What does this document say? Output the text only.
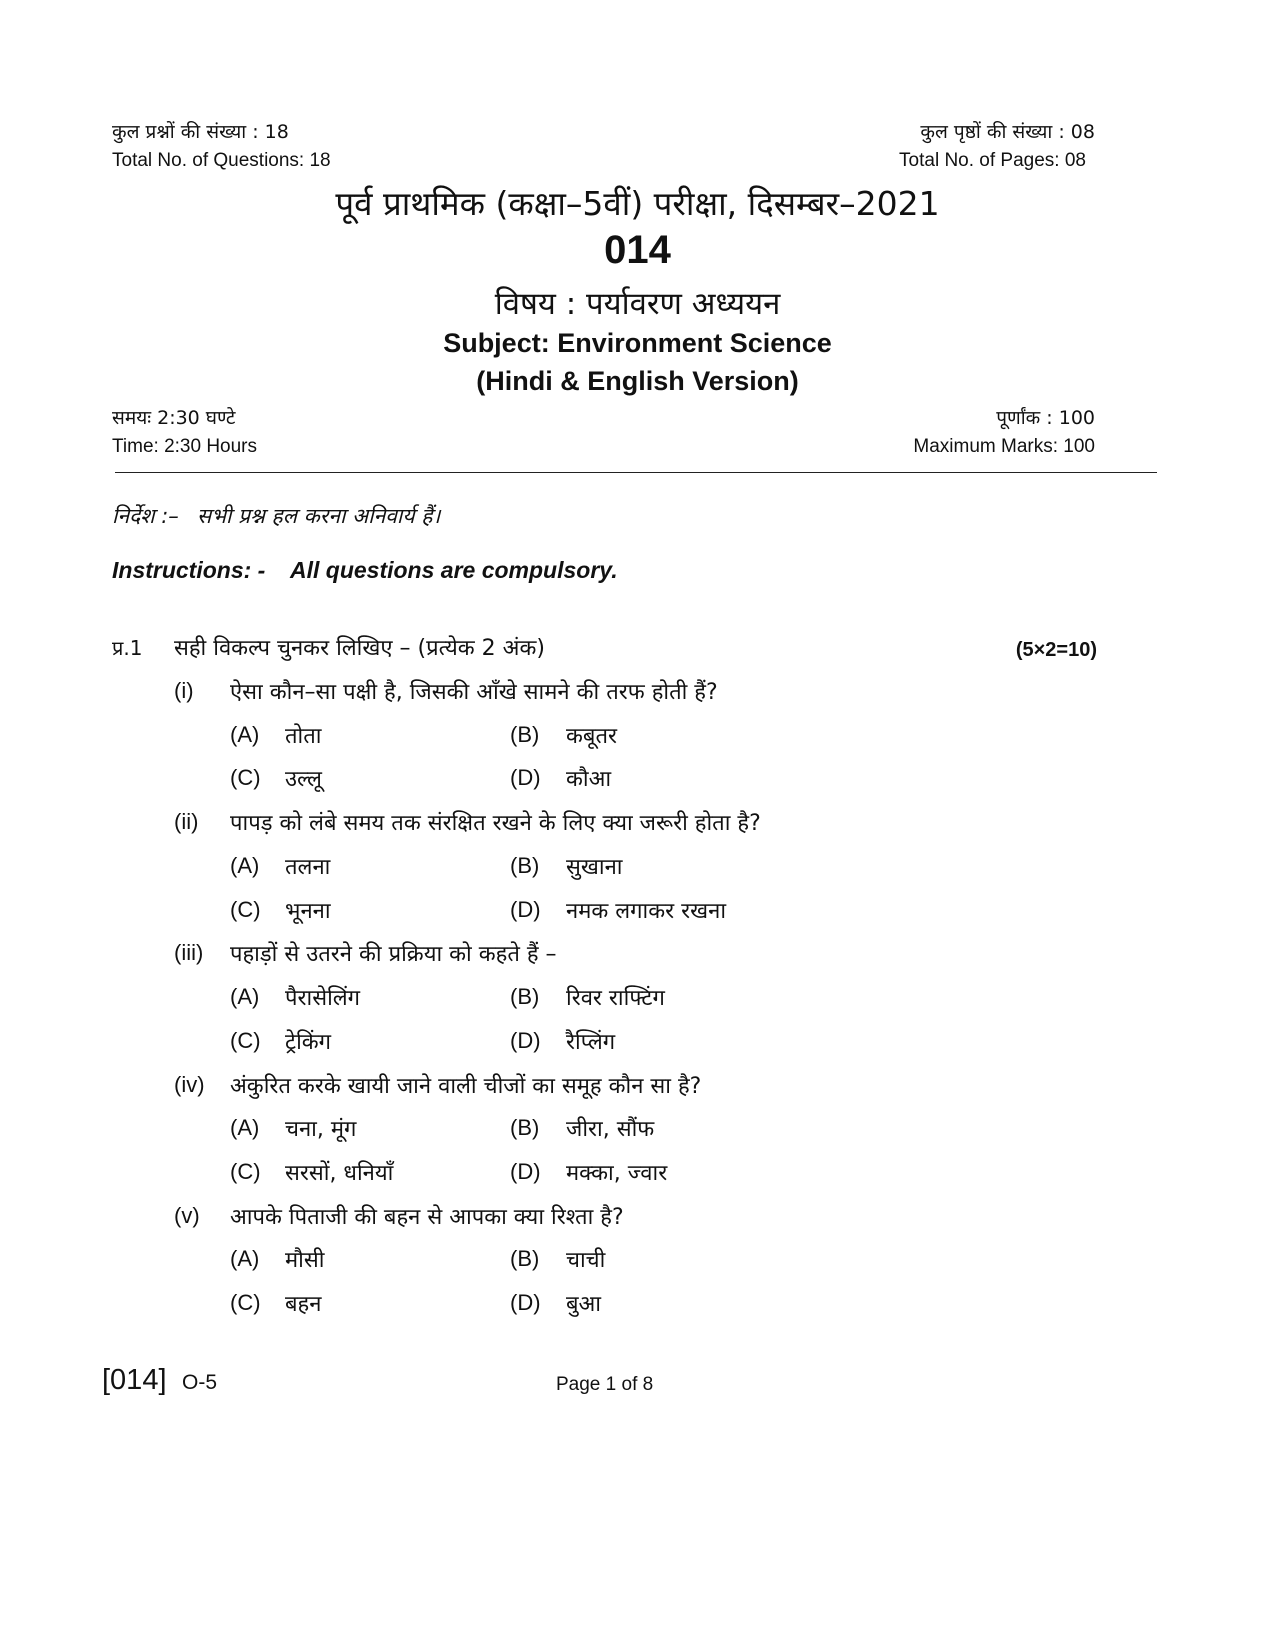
कुल प्रश्नों की संख्या : 18
Total No. of Questions: 18
कुल पृष्ठों की संख्या : 08
Total No. of Pages: 08
पूर्व प्राथमिक (कक्षा–5वीं) परीक्षा, दिसम्बर–2021
014
विषय : पर्यावरण अध्ययन
Subject: Environment Science
(Hindi & English Version)
समयः 2:30 घण्टे
Time: 2:30 Hours
पूर्णांक : 100
Maximum Marks: 100
निर्देश :– सभी प्रश्न हल करना अनिवार्य हैं।
Instructions: - All questions are compulsory.
प्र.1 सही विकल्प चुनकर लिखिए – (प्रत्येक 2 अंक)	(5×2=10)
(i) ऐसा कौन–सा पक्षी है, जिसकी आँखे सामने की तरफ होती हैं?
(A) तोता	(B) कबूतर
(C) उल्लू	(D) कौआ
(ii) पापड़ को लंबे समय तक संरक्षित रखने के लिए क्या जरूरी होता है?
(A) तलना	(B) सुखाना
(C) भूनना	(D) नमक लगाकर रखना
(iii) पहाड़ों से उतरने की प्रक्रिया को कहते हैं –
(A) पैरासेलिंग	(B) रिवर राफ्टिंग
(C) ट्रेकिंग	(D) रैप्लिंग
(iv) अंकुरित करके खायी जाने वाली चीजों का समूह कौन सा है?
(A) चना, मूंग	(B) जीरा, सौंफ
(C) सरसों, धनियाँ	(D) मक्का, ज्वार
(v) आपके पिताजी की बहन से आपका क्या रिश्ता है?
(A) मौसी	(B) चाची
(C) बहन	(D) बुआ
[014] O-5	Page 1 of 8
